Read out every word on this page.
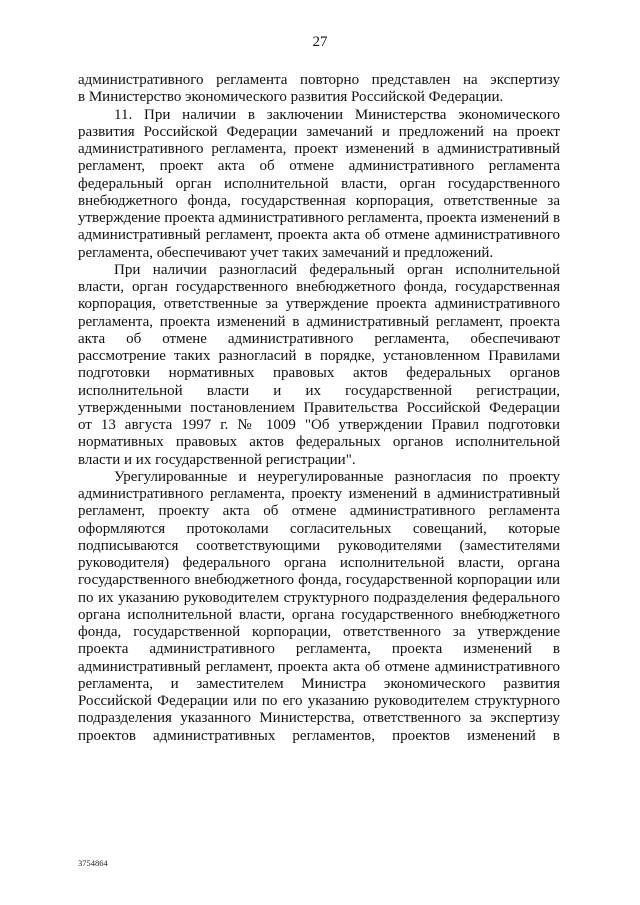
27
административного регламента повторно представлен на экспертизу
в Министерство экономического развития Российской Федерации.
11. При наличии в заключении Министерства экономического
развития Российской Федерации замечаний и предложений на проект
административного регламента, проект изменений в административный
регламент, проект акта об отмене административного регламента
федеральный орган исполнительной власти, орган государственного
внебюджетного фонда, государственная корпорация, ответственные за
утверждение проекта административного регламента, проекта изменений в
административный регламент, проекта акта об отмене административного
регламента, обеспечивают учет таких замечаний и предложений.
При наличии разногласий федеральный орган исполнительной
власти, орган государственного внебюджетного фонда, государственная
корпорация, ответственные за утверждение проекта административного
регламента, проекта изменений в административный регламент, проекта
акта об отмене административного регламента, обеспечивают
рассмотрение таких разногласий в порядке, установленном Правилами
подготовки нормативных правовых актов федеральных органов
исполнительной власти и их государственной регистрации,
утвержденными постановлением Правительства Российской Федерации
от 13 августа 1997 г. № 1009 "Об утверждении Правил подготовки
нормативных правовых актов федеральных органов исполнительной
власти и их государственной регистрации".
Урегулированные и неурегулированные разногласия по проекту
административного регламента, проекту изменений в административный
регламент, проекту акта об отмене административного регламента
оформляются протоколами согласительных совещаний, которые
подписываются соответствующими руководителями (заместителями
руководителя) федерального органа исполнительной власти, органа
государственного внебюджетного фонда, государственной корпорации или
по их указанию руководителем структурного подразделения федерального
органа исполнительной власти, органа государственного внебюджетного
фонда, государственной корпорации, ответственного за утверждение
проекта административного регламента, проекта изменений в
административный регламент, проекта акта об отмене административного
регламента, и заместителем Министра экономического развития
Российской Федерации или по его указанию руководителем структурного
подразделения указанного Министерства, ответственного за экспертизу
проектов административных регламентов, проектов изменений в
3754864
